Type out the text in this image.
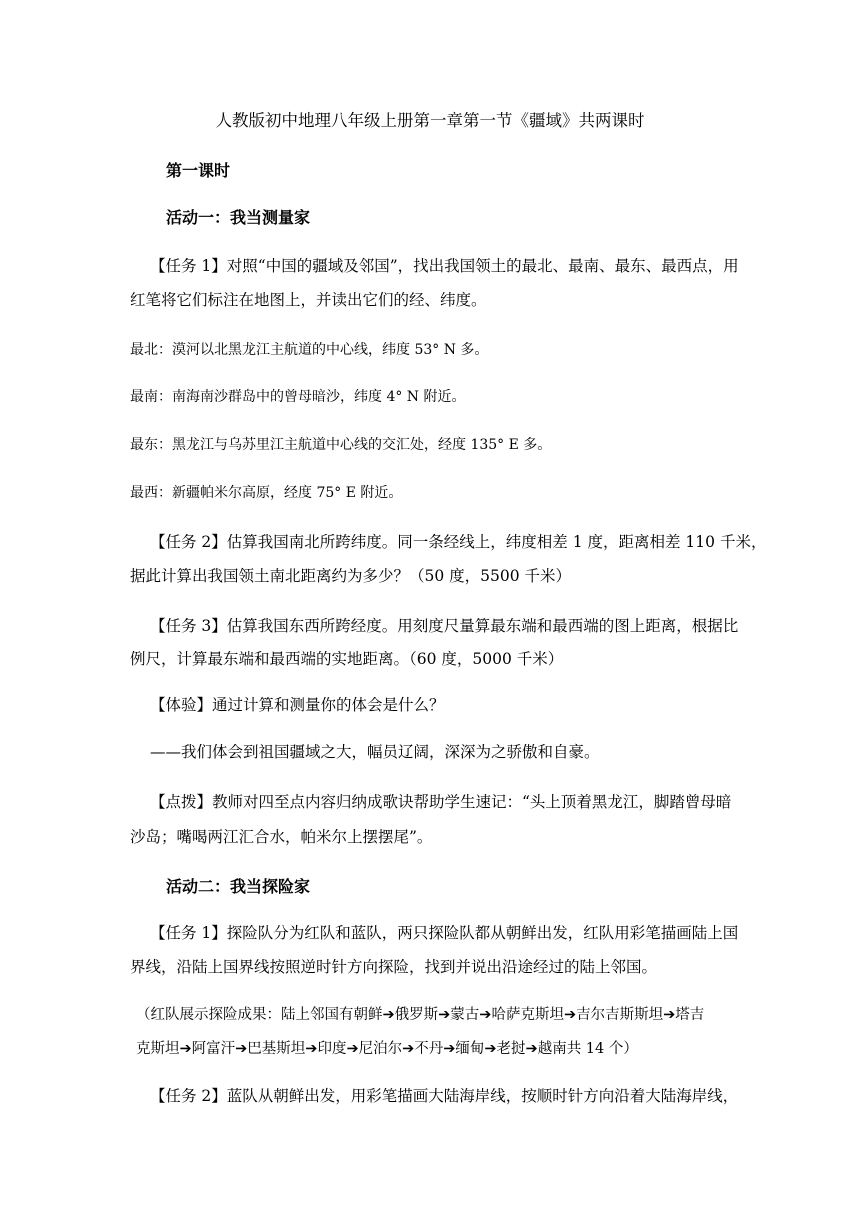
人教版初中地理八年级上册第一章第一节《疆域》共两课时
第一课时
活动一：我当测量家
【任务 1】对照“中国的疆域及邻国”，找出我国领土的最北、最南、最东、最西点，用
红笔将它们标注在地图上，并读出它们的经、纬度。
最北：漠河以北黑龙江主航道的中心线，纬度 53° N 多。
最南：南海南沙群岛中的曾母暗沙，纬度 4° N 附近。
最东：黑龙江与乌苏里江主航道中心线的交汇处，经度 135° E 多。
最西：新疆帕米尔高原，经度 75° E 附近。
【任务 2】估算我国南北所跨纬度。同一条经线上，纬度相差 1 度，距离相差 110 千米，
据此计算出我国领土南北距离约为多少？（50 度，5500 千米）
【任务 3】估算我国东西所跨经度。用刻度尺量算最东端和最西端的图上距离，根据比
例尺，计算最东端和最西端的实地距离。（60 度，5000 千米）
【体验】通过计算和测量你的体会是什么？
——我们体会到祖国疆域之大，幅员辽阔，深深为之骄傲和自豪。
【点拨】教师对四至点内容归纳成歌诀帮助学生速记：“头上顶着黑龙江，脚踏曾母暗
沙岛；嘴喝两江汇合水，帕米尔上摆摆尾”。
活动二：我当探险家
【任务 1】探险队分为红队和蓝队，两只探险队都从朝鲜出发，红队用彩笔描画陆上国
界线，沿陆上国界线按照逆时针方向探险，找到并说出沿途经过的陆上邻国。
（红队展示探险成果：陆上邻国有朝鲜➔俄罗斯➔蒙古➔哈萨克斯坦➔吉尔吉斯斯坦➔塔吉
克斯坦➔阿富汗➔巴基斯坦➔印度➔尼泊尔➔不丹➔缅甸➔老挝➔越南共 14 个）
【任务 2】蓝队从朝鲜出发，用彩笔描画大陆海岸线，按顺时针方向沿着大陆海岸线，
